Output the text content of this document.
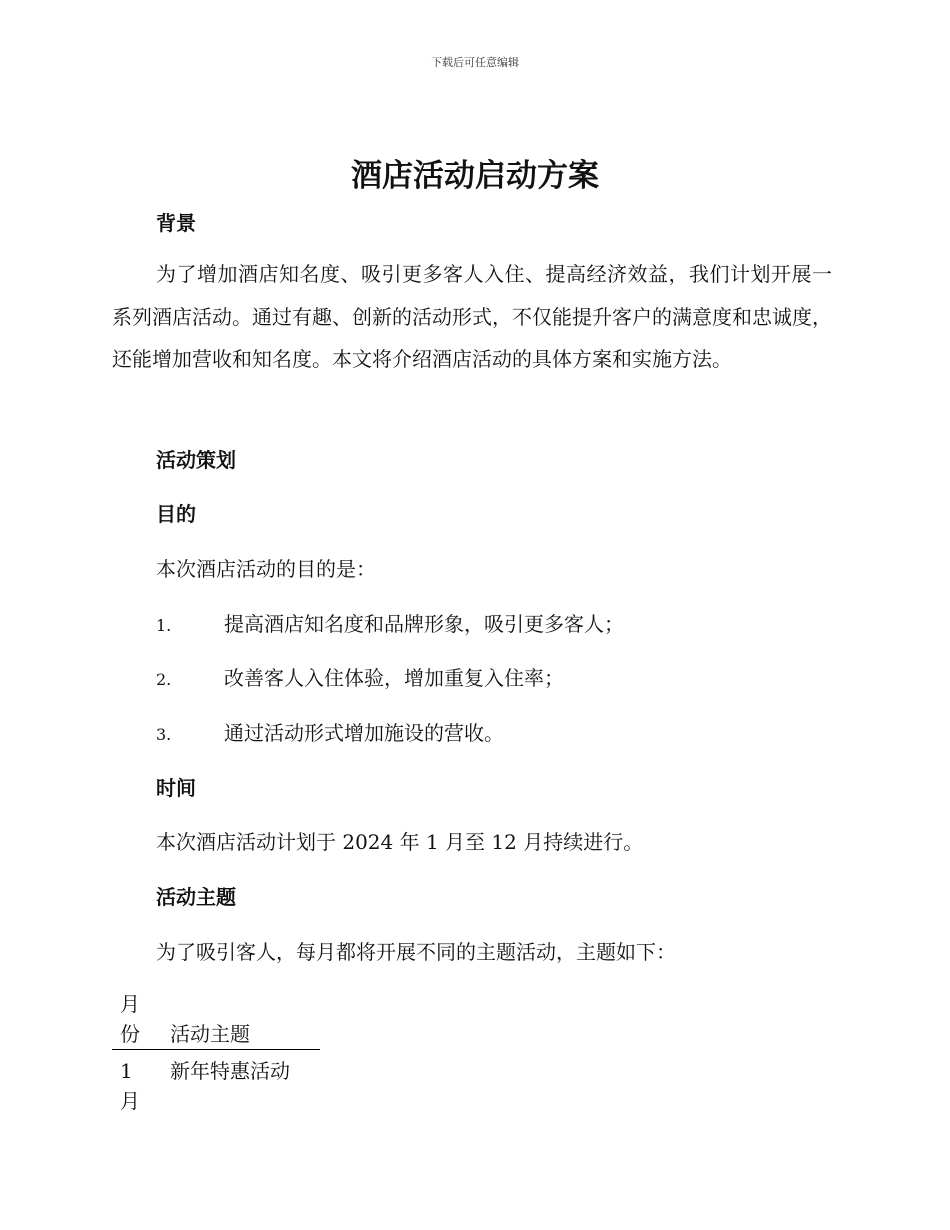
下载后可任意编辑
酒店活动启动方案
背景

为了增加酒店知名度、吸引更多客人入住、提高经济效益，我们计划开展一系列酒店活动。通过有趣、创新的活动形式，不仅能提升客户的满意度和忠诚度，还能增加营收和知名度。本文将介绍酒店活动的具体方案和实施方法。

活动策划
目的

本次酒店活动的目的是：

1.	提高酒店知名度和品牌形象，吸引更多客人；
2.	改善客人入住体验，增加重复入住率；
3.	通过活动形式增加施设的营收。
时间

本次酒店活动计划于 2024 年 1 月至 12 月持续进行。

活动主题

为了吸引客人，每月都将开展不同的主题活动，主题如下：

月份	活动主题
1 月	新年特惠活动
